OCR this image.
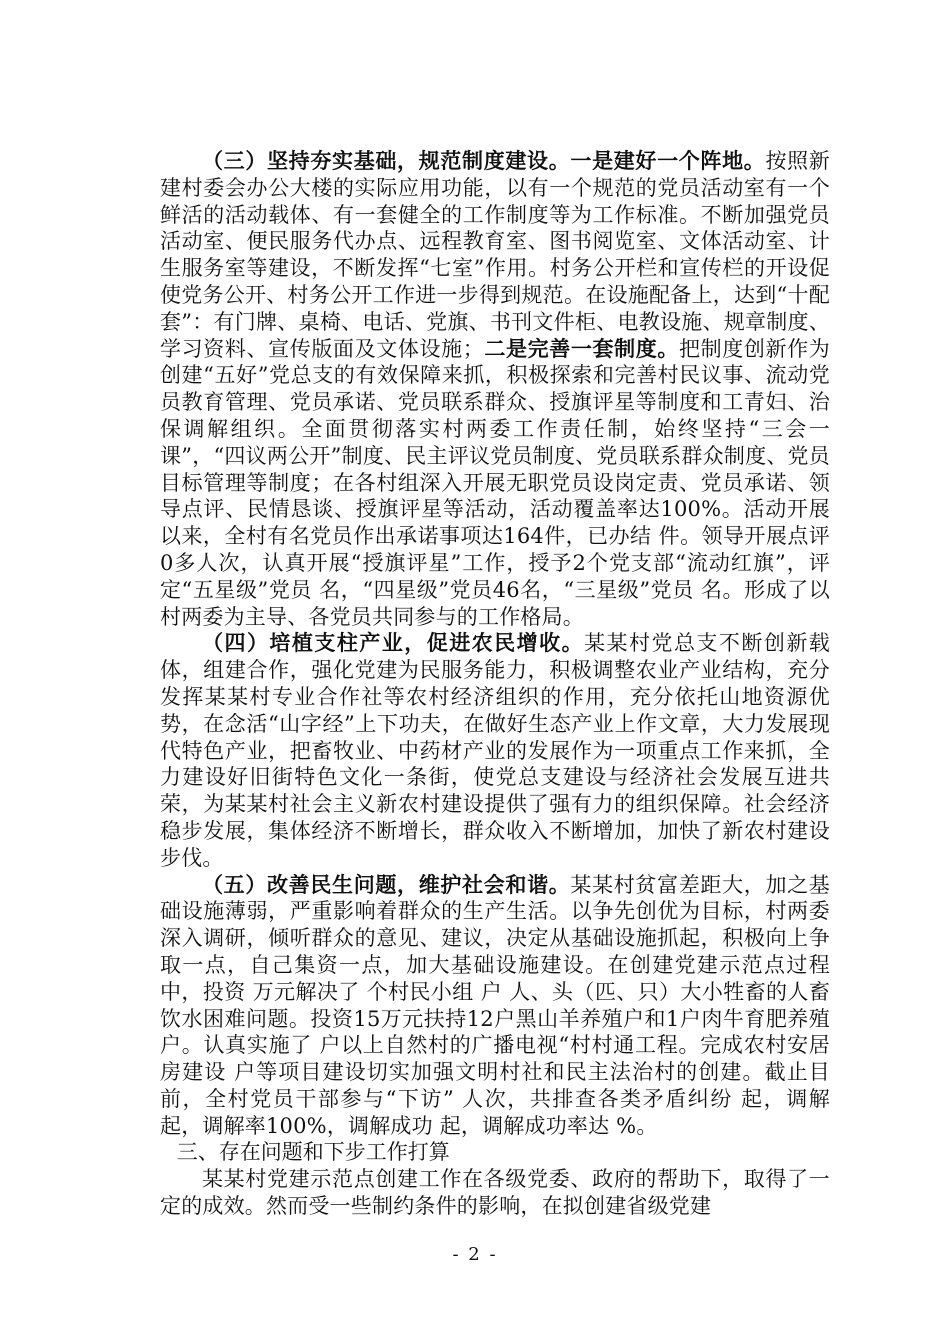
（三）坚持夯实基础，规范制度建设。一是建好一个阵地。按照新建村委会办公大楼的实际应用功能，以有一个规范的党员活动室有一个鲜活的活动载体、有一套健全的工作制度等为工作标准。不断加强党员活动室、便民服务代办点、远程教育室、图书阅览室、文体活动室、计生服务室等建设，不断发挥“七室”作用。村务公开栏和宣传栏的开设促使党务公开、村务公开工作进一步得到规范。在设施配备上，达到“十配套”：有门牌、桌椅、电话、党旗、书刊文件柜、电教设施、规章制度、学习资料、宣传版面及文体设施；二是完善一套制度。把制度创新作为创建“五好”党总支的有效保障来抓，积极探索和完善村民议事、流动党员教育管理、党员承诺、党员联系群众、授旗评星等制度和工青妇、治保调解组织。全面贯彻落实村两委工作责任制，始终坚持“三会一课”，“四议两公开”制度、民主评议党员制度、党员联系群众制度、党员目标管理等制度；在各村组深入开展无职党员设岗定责、党员承诺、领导点评、民情恳谈、授旗评星等活动，活动覆盖率达100%。活动开展以来，全村有名党员作出承诺事项达164件，已办结 件。领导开展点评 0多人次，认真开展“授旗评星”工作，授予2个党支部“流动红旗”，评定“五星级”党员 名，“四星级”党员46名，“三星级”党员 名。形成了以村两委为主导、各党员共同参与的工作格局。

（四）培植支柱产业，促进农民增收。某某村党总支不断创新载体，组建合作，强化党建为民服务能力，积极调整农业产业结构，充分发挥某某村专业合作社等农村经济组织的作用，充分依托山地资源优势，在念活“山字经”上下功夫，在做好生态产业上作文章，大力发展现代特色产业，把畜牧业、中药材产业的发展作为一项重点工作来抓，全力建设好旧街特色文化一条街，使党总支建设与经济社会发展互进共荣，为某某村社会主义新农村建设提供了强有力的组织保障。社会经济稳步发展，集体经济不断增长，群众收入不断增加，加快了新农村建设步伐。

（五）改善民生问题，维护社会和谐。某某村贫富差距大，加之基础设施薄弱，严重影响着群众的生产生活。以争先创优为目标，村两委深入调研，倾听群众的意见、建议，决定从基础设施抓起，积极向上争取一点，自己集资一点，加大基础设施建设。在创建党建示范点过程中，投资 万元解决了 个村民小组 户 人、头（匹、只）大小牲畜的人畜饮水困难问题。投资15万元扶持12户黑山羊养殖户和1户肉牛育肥养殖户。认真实施了 户以上自然村的广播电视“村村通工程。完成农村安居房建设 户等项目建设切实加强文明村社和民主法治村的创建。截止目前，全村党员干部参与“下访” 人次，共排查各类矛盾纠纷 起，调解 起，调解率100%，调解成功 起，调解成功率达 %。

三、存在问题和下步工作打算

某某村党建示范点创建工作在各级党委、政府的帮助下，取得了一定的成效。然而受一些制约条件的影响，在拟创建省级党建

- 2 -
